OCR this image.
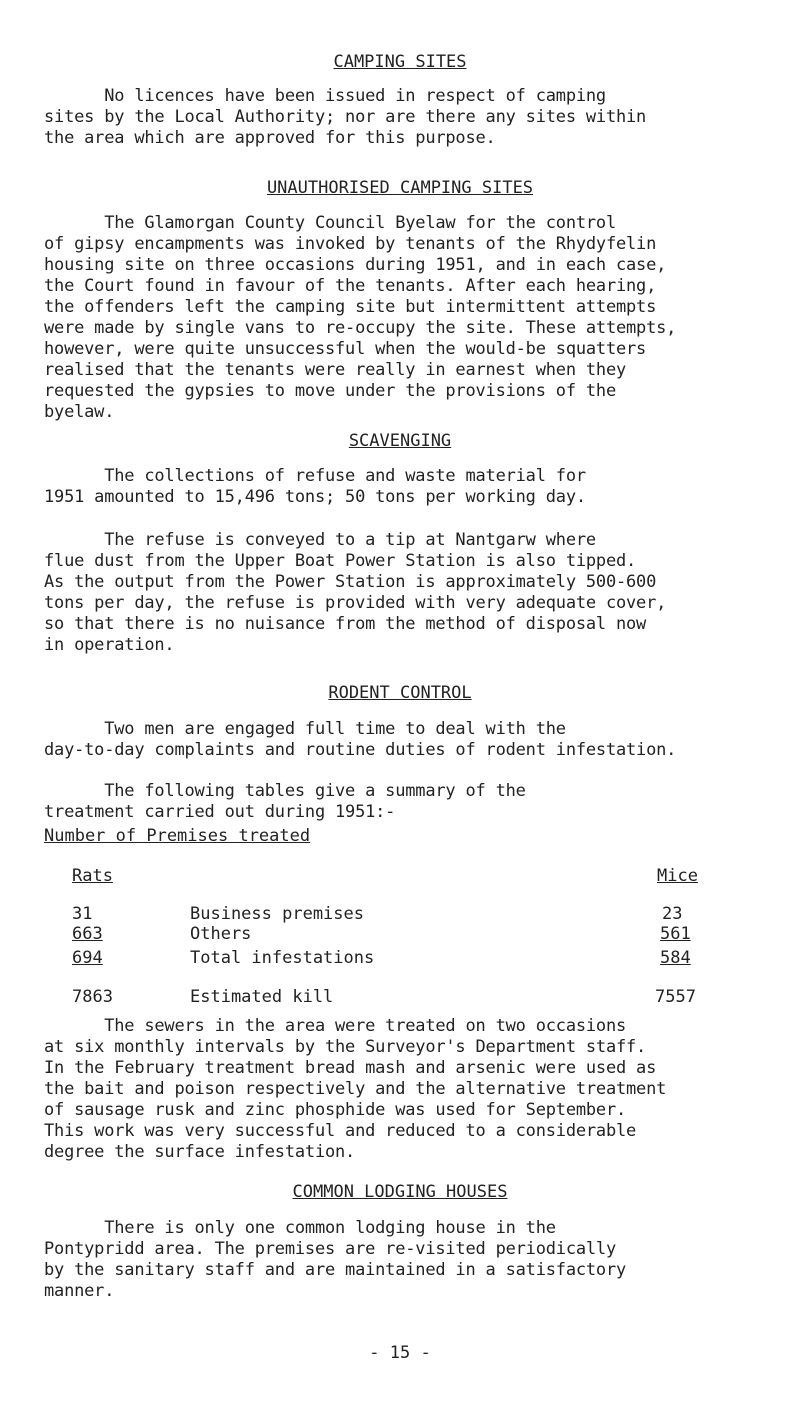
CAMPING SITES
No licences have been issued in respect of camping
sites by the Local Authority; nor are there any sites within
the area which are approved for this purpose.
UNAUTHORISED CAMPING SITES
The Glamorgan County Council Byelaw for the control
of gipsy encampments was invoked by tenants of the Rhydyfelin
housing site on three occasions during 1951, and in each case,
the Court found in favour of the tenants. After each hearing,
the offenders left the camping site but intermittent attempts
were made by single vans to re-occupy the site. These attempts,
however, were quite unsuccessful when the would-be squatters
realised that the tenants were really in earnest when they
requested the gypsies to move under the provisions of the
byelaw.
SCAVENGING
The collections of refuse and waste material for
1951 amounted to 15,496 tons; 50 tons per working day.
The refuse is conveyed to a tip at Nantgarw where
flue dust from the Upper Boat Power Station is also tipped.
As the output from the Power Station is approximately 500-600
tons per day, the refuse is provided with very adequate cover,
so that there is no nuisance from the method of disposal now
in operation.
RODENT CONTROL
Two men are engaged full time to deal with the
day-to-day complaints and routine duties of rodent infestation.
The following tables give a summary of the
treatment carried out during 1951:-
Number of Premises treated
Rats	Mice
31	Business premises	23
663	Others	561
694	Total infestations	584
7863	Estimated kill	7557
The sewers in the area were treated on two occasions
at six monthly intervals by the Surveyor's Department staff.
In the February treatment bread mash and arsenic were used as
the bait and poison respectively and the alternative treatment
of sausage rusk and zinc phosphide was used for September.
This work was very successful and reduced to a considerable
degree the surface infestation.
COMMON LODGING HOUSES
There is only one common lodging house in the
Pontypridd area. The premises are re-visited periodically
by the sanitary staff and are maintained in a satisfactory
manner.
- 15 -
